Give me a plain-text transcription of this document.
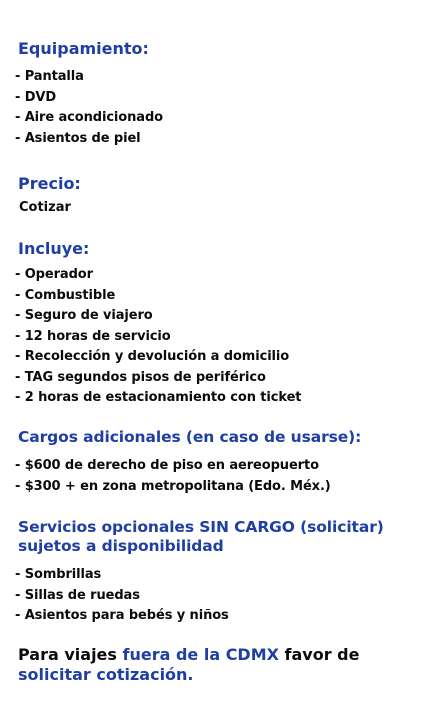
Equipamiento:
- Pantalla
- DVD
- Aire acondicionado
- Asientos de piel
Precio:
Cotizar
Incluye:
- Operador
- Combustible
- Seguro de viajero
- 12 horas de servicio
- Recolección y devolución a domicilio
- TAG segundos pisos de periférico
- 2 horas de estacionamiento con ticket
Cargos adicionales (en caso de usarse):
- $600 de derecho de piso en aereopuerto
- $300 + en zona metropolitana (Edo. Méx.)
Servicios opcionales SIN CARGO (solicitar)
sujetos a disponibilidad
- Sombrillas
- Sillas de ruedas
- Asientos para bebés y niños
Para viajes fuera de la CDMX favor de
solicitar cotización.
